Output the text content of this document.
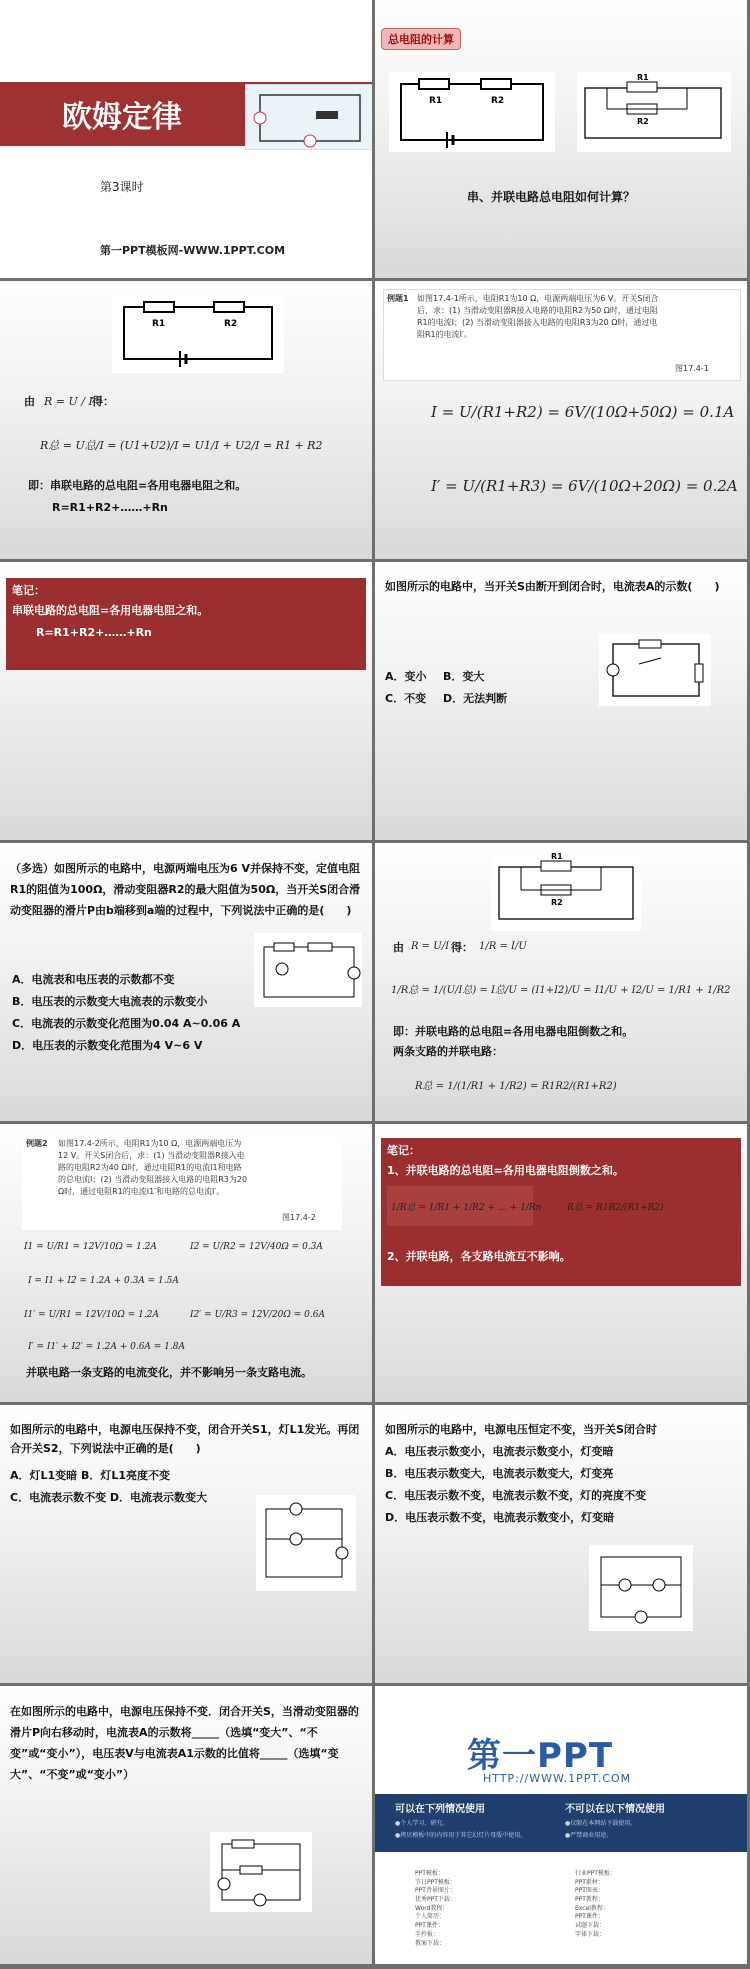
欧姆定律
第3课时
第一PPT模板网-WWW.1PPT.COM
总电阻的计算
R1	R2
R1
R2
串、并联电路总电阻如何计算？
R1	R2
由 R = U / I 得：
R总 = U总/I = (U1+U2)/I = U1/I + U2/I = R1 + R2
即：串联电路的总电阻=各用电器电阻之和。
R=R1+R2+……+Rn
例题1 如图17.4-1所示，电阻R1为10 Ω，电源两端电压为6 V。开关S闭合后，求：(1) 当滑动变阻器R接入电路的电阻R2为50 Ω时，通过电阻R1的电流I；(2) 当滑动变阻器接入电路的电阻R3为20 Ω时，通过电阻R1的电流I′。
图17.4-1
I = U/(R1+R2) = 6V/(10Ω+50Ω) = 0.1A
I′ = U/(R1+R3) = 6V/(10Ω+20Ω) = 0.2A
笔记：
串联电路的总电阻=各用电器电阻之和。
R=R1+R2+……+Rn
如图所示的电路中，当开关S由断开到闭合时，电流表A的示数(　　)
A．变小 B．变大
C．不变 D．无法判断
（多选）如图所示的电路中，电源两端电压为6 V并保持不变，定值电阻R1的阻值为100Ω，滑动变阻器R2的最大阻值为50Ω，当开关S闭合滑动变阻器的滑片P由b端移到a端的过程中，下列说法中正确的是(　　)
A．电流表和电压表的示数都不变
B．电压表的示数变大电流表的示数变小
C．电流表的示数变化范围为0.04 A~0.06 A
D．电压表的示数变化范围为4 V~6 V
R1
R2
由 R = U/I 得： 1/R = I/U
1/R总 = 1/(U/I总) = I总/U = (I1+I2)/U = I1/U + I2/U = 1/R1 + 1/R2
即：并联电路的总电阻=各用电器电阻倒数之和。
两条支路的并联电路：
R总 = 1/(1/R1 + 1/R2) = R1R2/(R1+R2)
例题2 如图17.4-2所示，电阻R1为10 Ω，电源两端电压为12 V。开关S闭合后，求：(1) 当滑动变阻器R接入电路的电阻R2为40 Ω时，通过电阻R1的电流I1和电路的总电流I；(2) 当滑动变阻器接入电路的电阻R3为20 Ω时，通过电阻R1的电流I1′和电路的总电流I′。
图17.4-2
I1 = U/R1 = 12V/10Ω = 1.2A	I2 = U/R2 = 12V/40Ω = 0.3A
I = I1 + I2 = 1.2A + 0.3A = 1.5A
I1′ = U/R1 = 12V/10Ω = 1.2A	I2′ = U/R3 = 12V/20Ω = 0.6A
I′ = I1′ + I2′ = 1.2A + 0.6A = 1.8A
并联电路一条支路的电流变化，并不影响另一条支路电流。
笔记：
1、并联电路的总电阻=各用电器电阻倒数之和。
1/R总 = 1/R1 + 1/R2 + … + 1/Rn	R总 = R1R2/(R1+R2)
2、并联电路，各支路电流互不影响。
如图所示的电路中，电源电压保持不变，闭合开关S1，灯L1发光。再闭合开关S2，下列说法中正确的是(　　)
A．灯L1变暗 B．灯L1亮度不变
C．电流表示数不变 D．电流表示数变大
如图所示的电路中，电源电压恒定不变，当开关S闭合时
A．电压表示数变小，电流表示数变小，灯变暗
B．电压表示数变大，电流表示数变大，灯变亮
C．电压表示数不变，电流表示数不变，灯的亮度不变
D．电压表示数不变，电流表示数变小，灯变暗
在如图所示的电路中，电源电压保持不变．闭合开关S，当滑动变阻器的滑片P向右移动时，电流表A的示数将_____（选填“变大”、“不变”或“变小”），电压表V与电流表A1示数的比值将_____（选填“变大”、“不变”或“变小”）	第一PPT
HTTP://WWW.1PPT.COM
可以在下列情况使用	不可以在以下情况使用
●个人学习、研究。
●拷贝模板中的内容用于其它幻灯片母版中使用。
●仅限在本网站下载使用。
●严禁商业用途。
PPT模板：
节日PPT模板：
PPT背景图片：
优秀PPT下载：
Word教程：
个人简历：
PPT课件：
手抄报：
教案下载：
行业PPT模板：
PPT素材：
PPT图表：
PPT教程：
Excel教程：
PPT课件：
试题下载：
字体下载：
